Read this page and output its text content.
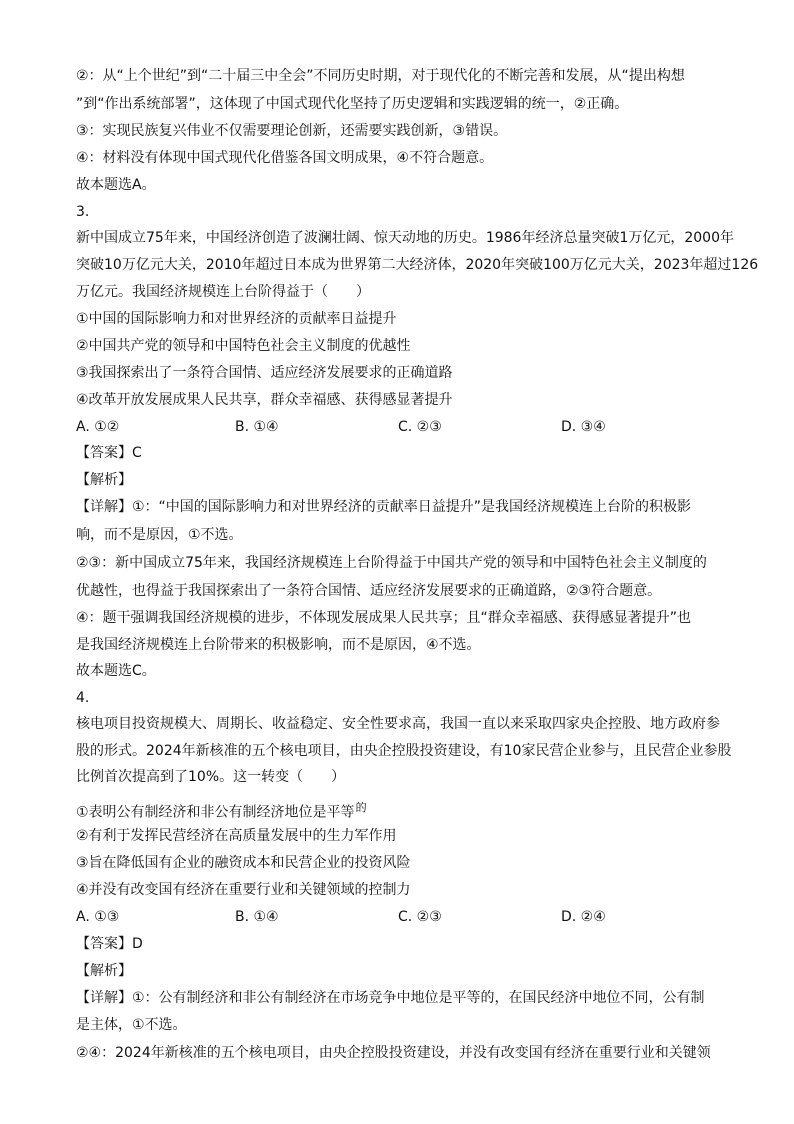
②：从“上个世纪”到“二十届三中全会”不同历史时期，对于现代化的不断完善和发展，从“提出构想
”到“作出系统部署”，这体现了中国式现代化坚持了历史逻辑和实践逻辑的统一，②正确。
③：实现民族复兴伟业不仅需要理论创新，还需要实践创新，③错误。
④：材料没有体现中国式现代化借鉴各国文明成果，④不符合题意。
故本题选A。
3.
新中国成立75年来，中国经济创造了波澜壮阔、惊天动地的历史。1986年经济总量突破1万亿元，2000年
突破10万亿元大关，2010年超过日本成为世界第二大经济体，2020年突破100万亿元大关，2023年超过126
万亿元。我国经济规模连上台阶得益于（　　）
①中国的国际影响力和对世界经济的贡献率日益提升
②中国共产党的领导和中国特色社会主义制度的优越性
③我国探索出了一条符合国情、适应经济发展要求的正确道路
④改革开放发展成果人民共享，群众幸福感、获得感显著提升
A. ①②	B. ①④	C. ②③	D. ③④
【答案】C
【解析】
【详解】①：“中国的国际影响力和对世界经济的贡献率日益提升”是我国经济规模连上台阶的积极影
响，而不是原因，①不选。
②③：新中国成立75年来，我国经济规模连上台阶得益于中国共产党的领导和中国特色社会主义制度的
优越性，也得益于我国探索出了一条符合国情、适应经济发展要求的正确道路，②③符合题意。
④：题干强调我国经济规模的进步，不体现发展成果人民共享；且“群众幸福感、获得感显著提升”也
是我国经济规模连上台阶带来的积极影响，而不是原因，④不选。
故本题选C。
4.
核电项目投资规模大、周期长、收益稳定、安全性要求高，我国一直以来采取四家央企控股、地方政府参
股的形式。2024年新核准的五个核电项目，由央企控股投资建设，有10家民营企业参与，且民营企业参股
比例首次提高到了10%。这一转变（　　）
①表明公有制经济和非公有制经济地位是平等$^的$
②有利于发挥民营经济在高质量发展中的生力军作用
③旨在降低国有企业的融资成本和民营企业的投资风险
④并没有改变国有经济在重要行业和关键领域的控制力
A. ①③	B. ①④	C. ②③	D. ②④
【答案】D
【解析】
【详解】①：公有制经济和非公有制经济在市场竞争中地位是平等的，在国民经济中地位不同，公有制
是主体，①不选。
②④：2024年新核准的五个核电项目，由央企控股投资建设，并没有改变国有经济在重要行业和关键领
